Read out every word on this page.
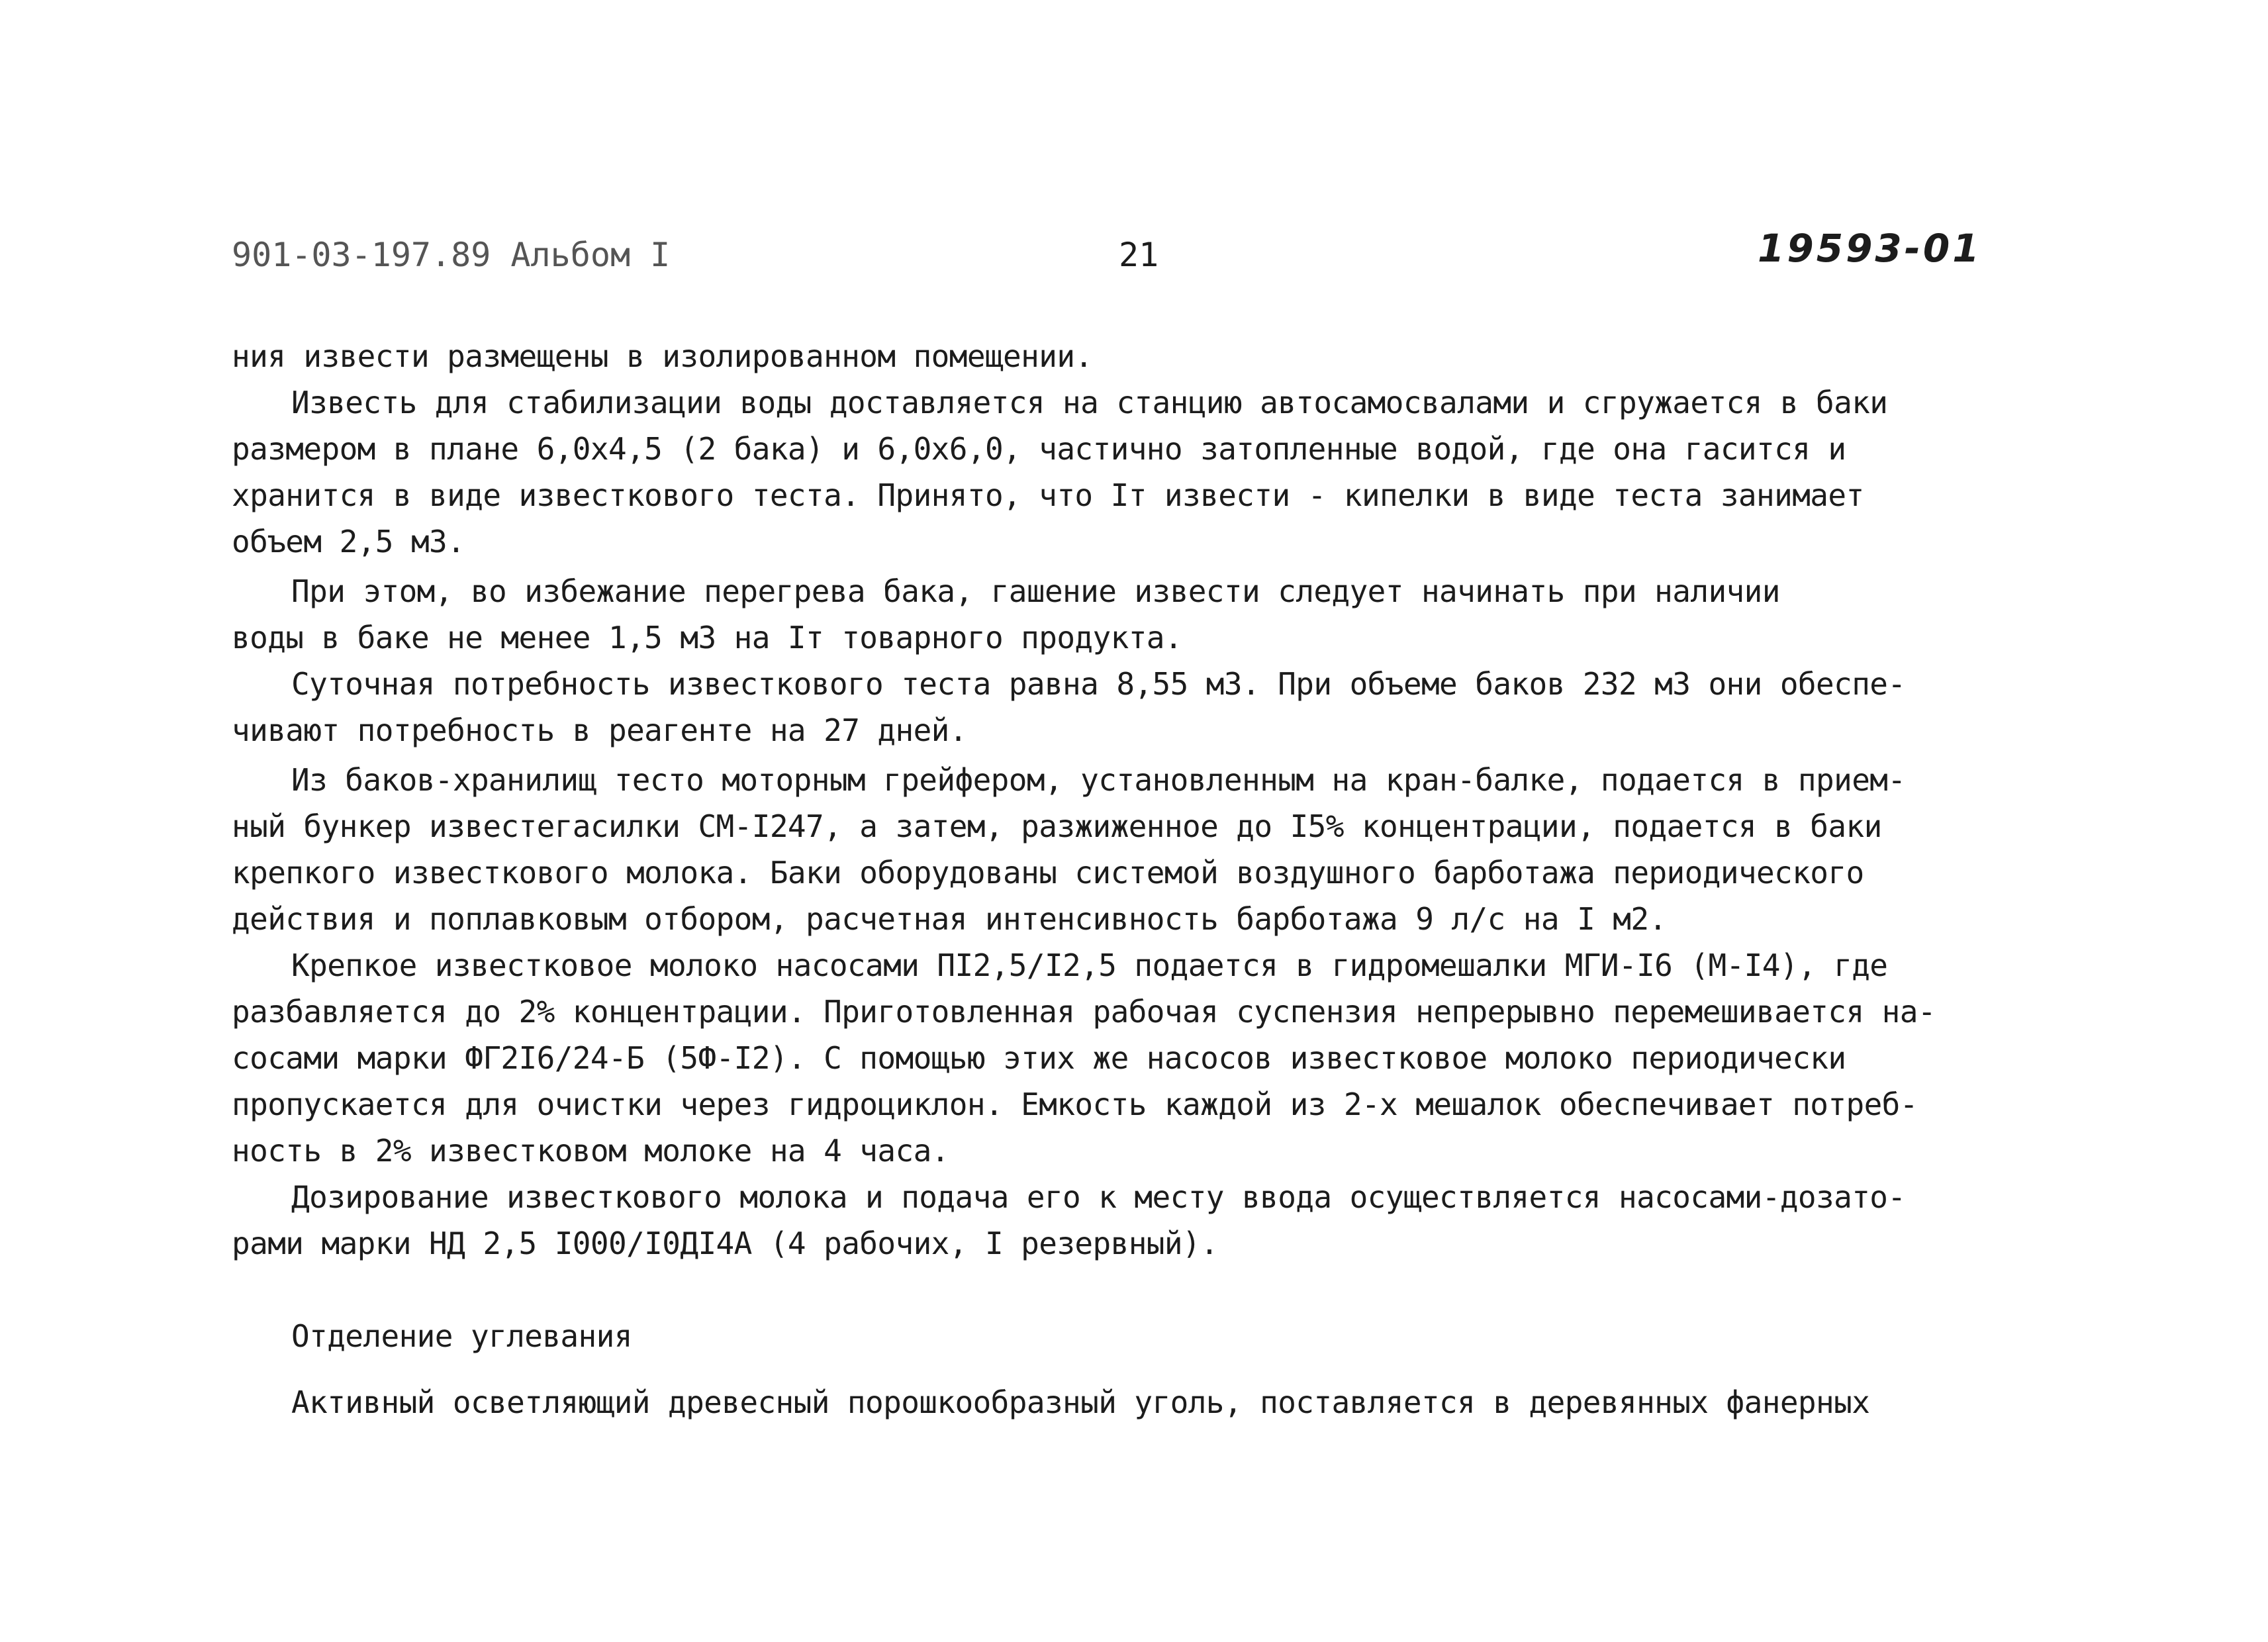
901-03-197.89 Альбом I	21	19593-01
ния извести размещены в изолированном помещении.
Известь для стабилизации воды доставляется на станцию автосамосвалами и сгружается в баки
размером в плане 6,0х4,5 (2 бака) и 6,0х6,0, частично затопленные водой, где она гасится и
хранится в виде известкового теста. Принято, что Iт извести - кипелки в виде теста занимает
объем 2,5 м3.
При этом, во избежание перегрева бака, гашение извести следует начинать при наличии
воды в баке не менее 1,5 м3 на Iт товарного продукта.
Суточная потребность известкового теста равна 8,55 м3. При объеме баков 232 м3 они обеспе-
чивают потребность в реагенте на 27 дней.
Из баков-хранилищ тесто моторным грейфером, установленным на кран-балке, подается в прием-
ный бункер известегасилки СМ-I247, а затем, разжиженное до I5% концентрации, подается в баки
крепкого известкового молока. Баки оборудованы системой воздушного барботажа периодического
действия и поплавковым отбором, расчетная интенсивность барботажа 9 л/с на I м2.
Крепкое известковое молоко насосами ПI2,5/I2,5 подается в гидромешалки МГИ-I6 (М-I4), где
разбавляется до 2% концентрации. Приготовленная рабочая суспензия непрерывно перемешивается на-
сосами марки ФГ2I6/24-Б (5Ф-I2). С помощью этих же насосов известковое молоко периодически
пропускается для очистки через гидроциклон. Емкость каждой из 2-х мешалок обеспечивает потреб-
ность в 2% известковом молоке на 4 часа.
Дозирование известкового молока и подача его к месту ввода осуществляется насосами-дозато-
рами марки НД 2,5 I000/I0ДI4А (4 рабочих, I резервный).
Отделение углевания
Активный осветляющий древесный порошкообразный уголь, поставляется в деревянных фанерных
